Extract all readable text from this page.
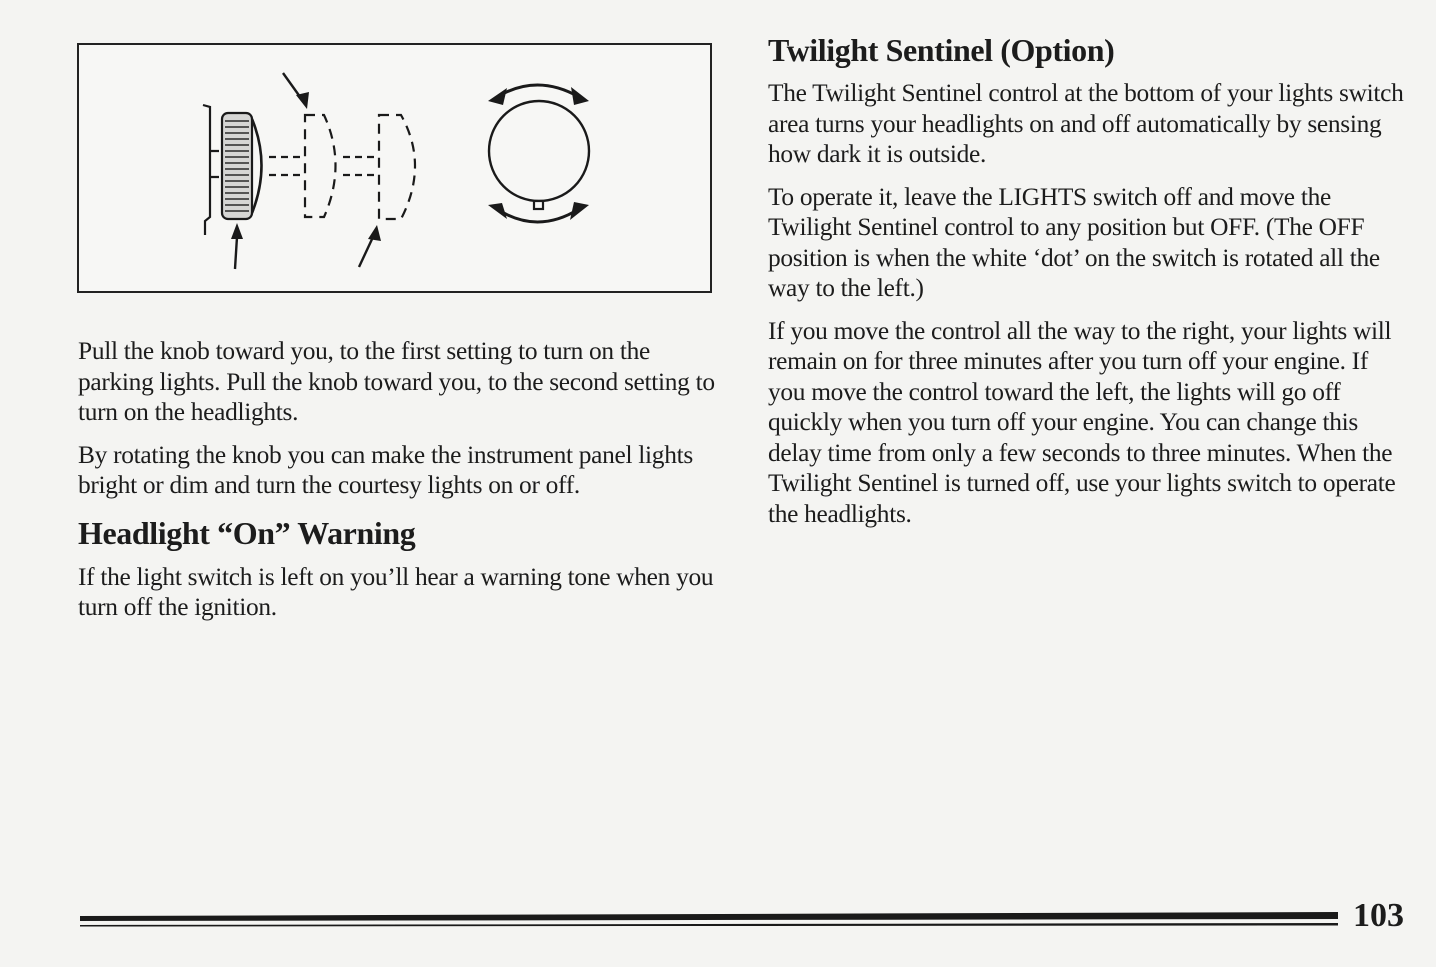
Pull the knob toward you, to the first setting to turn on the parking lights. Pull the knob toward you, to the second setting to turn on the headlights.

By rotating the knob you can make the instrument panel lights bright or dim and turn the courtesy lights on or off.

Headlight “On” Warning

If the light switch is left on you’ll hear a warning tone when you turn off the ignition.

Twilight Sentinel (Option)

The Twilight Sentinel control at the bottom of your lights switch area turns your headlights on and off automatically by sensing how dark it is outside.

To operate it, leave the LIGHTS switch off and move the Twilight Sentinel control to any position but OFF. (The OFF position is when the white ‘dot’ on the switch is rotated all the way to the left.)

If you move the control all the way to the right, your lights will remain on for three minutes after you turn off your engine. If you move the control toward the left, the lights will go off quickly when you turn off your engine. You can change this delay time from only a few seconds to three minutes. When the Twilight Sentinel is turned off, use your lights switch to operate the headlights.

103
